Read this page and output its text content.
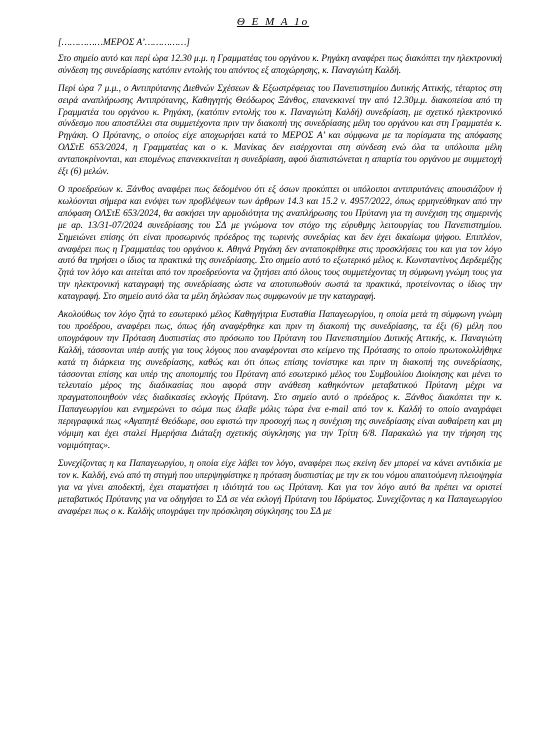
Θ Ε Μ Α 1ο

[……………ΜΕΡΟΣ Α’……………]

Στο σημείο αυτό και περί ώρα 12.30 μ.μ. η Γραμματέας του οργάνου κ. Ρηγάκη αναφέρει πως διακόπτει την ηλεκτρονική σύνδεση της συνεδρίασης κατόπιν εντολής του απόντος εξ αποχώρησης, κ. Παναγιώτη Καλδή.

Περί ώρα 7 μ.μ., ο Αντιπρύτανης Διεθνών Σχέσεων & Εξωστρέφειας του Πανεπιστημίου Δυτικής Αττικής, τέταρτος στη σειρά αναπλήρωσης Αντιπρύτανης, Καθηγητής Θεόδωρος Ξάνθος, επανεκκινεί την από 12.30μ.μ. διακοπείσα από τη Γραμματέα του οργάνου κ. Ρηγάκη, (κατόπιν εντολής του κ. Παναγιώτη Καλδή) συνεδρίαση, με σχετικό ηλεκτρονικό σύνδεσμο που αποστέλλει στα συμμετέχοντα πριν την διακοπή της συνεδρίασης μέλη του οργάνου και στη Γραμματέα κ. Ρηγάκη. Ο Πρύτανης, ο οποίος είχε αποχωρήσει κατά το ΜΕΡΟΣ Α’ και σύμφωνα με τα πορίσματα της απόφασης ΟΛΣτΕ 653/2024, η Γραμματέας και ο κ. Μανίκας δεν εισέρχονται στη σύνδεση ενώ όλα τα υπόλοιπα μέλη ανταποκρίνονται, και επομένως επανεκκινείται η συνεδρίαση, αφού διαπιστώνεται η απαρτία του οργάνου με συμμετοχή έξι (6) μελών.

Ο προεδρεύων κ. Ξάνθος αναφέρει πως δεδομένου ότι εξ όσων προκύπτει οι υπόλοιποι αντιπρυτάνεις απουσιάζουν ή κωλύονται σήμερα και ενόψει των προβλέψεων των άρθρων 14.3 και 15.2 ν. 4957/2022, όπως ερμηνεύθηκαν από την απόφαση ΟΛΣτΕ 653/2024, θα ασκήσει την αρμοδιότητα της αναπλήρωσης του Πρύτανη για τη συνέχιση της σημερινής με αρ. 13/31-07/2024 συνεδρίασης του ΣΔ με γνώμονα τον στόχο της εύρυθμης λειτουργίας του Πανεπιστημίου. Σημειώνει επίσης ότι είναι προσωρινός πρόεδρος της τωρινής συνεδρίας και δεν έχει δικαίωμα ψήφου. Επιπλέον, αναφέρει πως η Γραμματέας του οργάνου κ. Αθηνά Ρηγάκη δεν ανταποκρίθηκε στις προσκλήσεις του και για τον λόγο αυτό θα τηρήσει ο ίδιος τα πρακτικά της συνεδρίασης. Στο σημείο αυτό το εξωτερικό μέλος κ. Κωνσταντίνος Δερδεμέζης ζητά τον λόγο και αιτείται από τον προεδρεύοντα να ζητήσει από όλους τους συμμετέχοντας τη σύμφωνη γνώμη τους για την ηλεκτρονική καταγραφή της συνεδρίασης ώστε να αποτυπωθούν σωστά τα πρακτικά, προτείνοντας ο ίδιος την καταγραφή. Στο σημείο αυτό όλα τα μέλη δηλώσαν πως συμφωνούν με την καταγραφή.

Ακολούθως τον λόγο ζητά το εσωτερικό μέλος Καθηγήτρια Ευσταθία Παπαγεωργίου, η οποία μετά τη σύμφωνη γνώμη του προέδρου, αναφέρει πως, όπως ήδη αναφέρθηκε και πριν τη διακοπή της συνεδρίασης, τα έξι (6) μέλη που υπογράφουν την Πρόταση Δυσπιστίας στο πρόσωπο του Πρύτανη του Πανεπιστημίου Δυτικής Αττικής, κ. Παναγιώτη Καλδή, τάσσονται υπέρ αυτής για τους λόγους που αναφέρονται στο κείμενο της Πρότασης το οποίο πρωτοκολλήθηκε κατά τη διάρκεια της συνεδρίασης, καθώς και ότι όπως επίσης τονίστηκε και πριν τη διακοπή της συνεδρίασης, τάσσονται επίσης και υπέρ της αποπομπής του Πρύτανη από εσωτερικό μέλος του Συμβουλίου Διοίκησης και μένει το τελευταίο μέρος της διαδικασίας που αφορά στην ανάθεση καθηκόντων μεταβατικού Πρύτανη μέχρι να πραγματοποιηθούν νέες διαδικασίες εκλογής Πρύτανη. Στο σημείο αυτό ο πρόεδρος κ. Ξάνθος διακόπτει την κ. Παπαγεωργίου και ενημερώνει το σώμα πως έλαβε μόλις τώρα ένα e-mail από τον κ. Καλδή το οποίο αναγράφει περιγραφικά πως «Αγαπητέ Θεόδωρε, σου εφιστώ την προσοχή πως η συνέχιση της συνεδρίασης είναι αυθαίρετη και μη νόμιμη και έχει σταλεί Ημερήσια Διάταξη σχετικής σύγκλησης για την Τρίτη 6/8. Παρακαλώ για την τήρηση της νομιμότητας».

Συνεχίζοντας η κα Παπαγεωργίου, η οποία είχε λάβει τον λόγο, αναφέρει πως εκείνη δεν μπορεί να κάνει αντιδικία με τον κ. Καλδή, ενώ από τη στιγμή που υπερψηφίστηκε η πρόταση δυσπιστίας με την εκ του νόμου απαιτούμενη πλειοψηφία για να γίνει αποδεκτή, έχει σταματήσει η ιδιότητά του ως Πρύτανη. Και για τον λόγο αυτό θα πρέπει να οριστεί μεταβατικός Πρύτανης για να οδηγήσει το ΣΔ σε νέα εκλογή Πρύτανη του Ιδρύματος. Συνεχίζοντας η κα Παπαγεωργίου αναφέρει πως ο κ. Καλδής υπογράφει την πρόσκληση σύγκλησης του ΣΔ με
